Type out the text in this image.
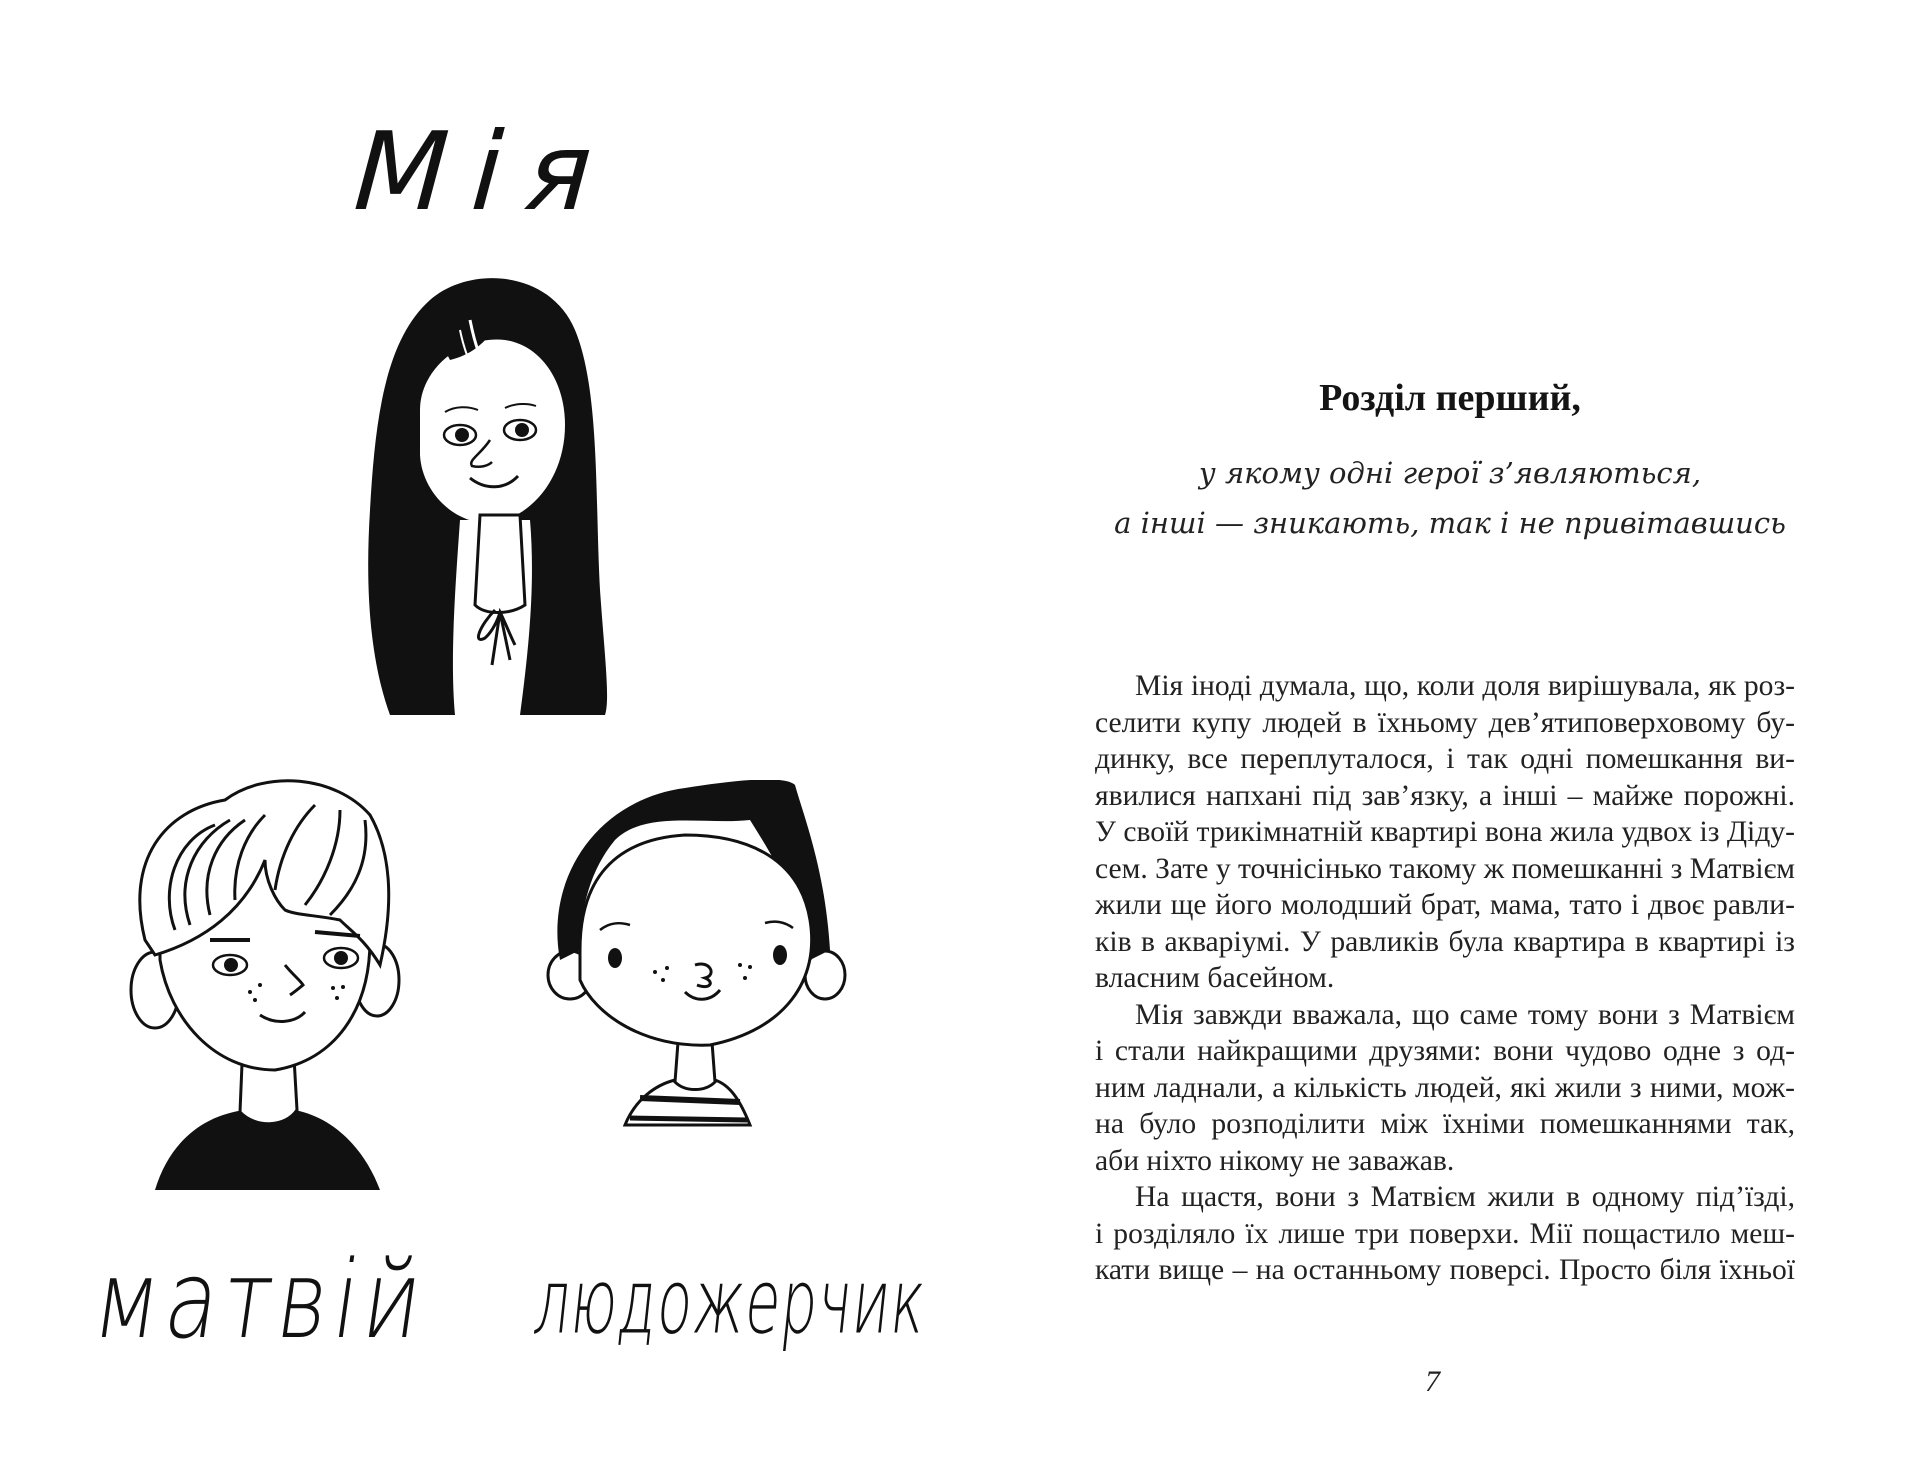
Мія
матвій людожерчик
Розділ перший,
у якому одні герої з’являються,
а інші — зникають, так і не привітавшись
Мія іноді думала, що, коли доля вирішувала, як роз-
селити купу людей в їхньому дев’ятиповерховому бу-
динку, все переплуталося, і так одні помешкання ви-
явилися напхані під зав’язку, а інші – майже порожні.
У своїй трикімнатній квартирі вона жила удвох із Діду-
сем. Зате у точнісінько такому ж помешканні з Матвієм
жили ще його молодший брат, мама, тато і двоє равли-
ків в акваріумі. У равликів була квартира в квартирі із
власним басейном.
Мія завжди вважала, що саме тому вони з Матвієм
і стали найкращими друзями: вони чудово одне з од-
ним ладнали, а кількість людей, які жили з ними, мож-
на було розподілити між їхніми помешканнями так,
аби ніхто нікому не заважав.
На щастя, вони з Матвієм жили в одному під’їзді,
і розділяло їх лише три поверхи. Мії пощастило меш-
кати вище – на останньому поверсі. Просто біля їхньої
7
